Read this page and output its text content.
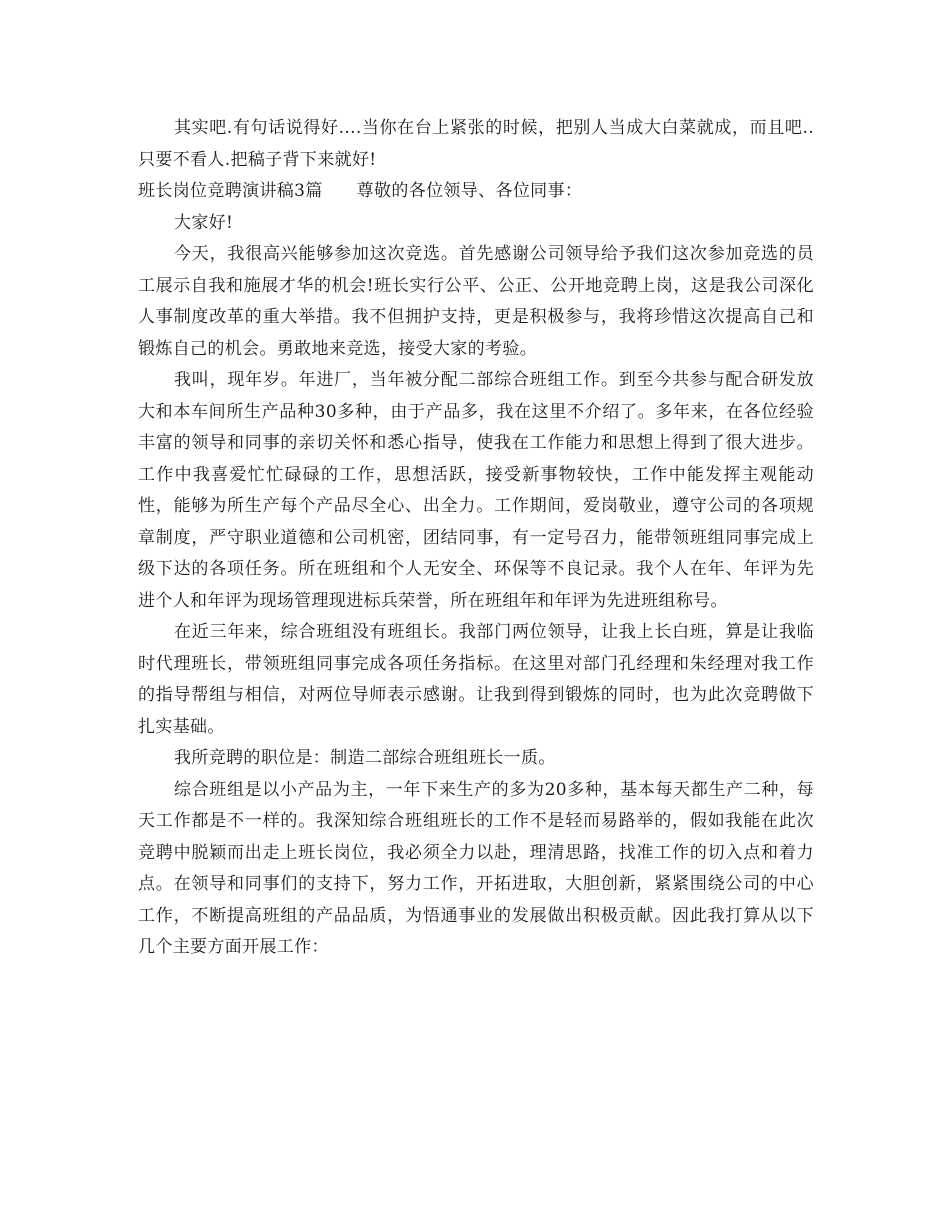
其实吧.有句话说得好....当你在台上紧张的时候，把别人当成大白菜就成，而且吧..只要不看人.把稿子背下来就好!

班长岗位竞聘演讲稿3篇 尊敬的各位领导、各位同事：

大家好!

今天，我很高兴能够参加这次竞选。首先感谢公司领导给予我们这次参加竞选的员工展示自我和施展才华的机会!班长实行公平、公正、公开地竞聘上岗，这是我公司深化人事制度改革的重大举措。我不但拥护支持，更是积极参与，我将珍惜这次提高自己和锻炼自己的机会。勇敢地来竞选，接受大家的考验。

我叫，现年岁。年进厂，当年被分配二部综合班组工作。到至今共参与配合研发放大和本车间所生产品种30多种，由于产品多，我在这里不介绍了。多年来，在各位经验丰富的领导和同事的亲切关怀和悉心指导，使我在工作能力和思想上得到了很大进步。工作中我喜爱忙忙碌碌的工作，思想活跃，接受新事物较快，工作中能发挥主观能动性，能够为所生产每个产品尽全心、出全力。工作期间，爱岗敬业，遵守公司的各项规章制度，严守职业道德和公司机密，团结同事，有一定号召力，能带领班组同事完成上级下达的各项任务。所在班组和个人无安全、环保等不良记录。我个人在年、年评为先进个人和年评为现场管理现进标兵荣誉，所在班组年和年评为先进班组称号。

在近三年来，综合班组没有班组长。我部门两位领导，让我上长白班，算是让我临时代理班长，带领班组同事完成各项任务指标。在这里对部门孔经理和朱经理对我工作的指导帮组与相信，对两位导师表示感谢。让我到得到锻炼的同时，也为此次竞聘做下扎实基础。

我所竞聘的职位是：制造二部综合班组班长一质。

综合班组是以小产品为主，一年下来生产的多为20多种，基本每天都生产二种，每天工作都是不一样的。我深知综合班组班长的工作不是轻而易路举的，假如我能在此次竞聘中脱颖而出走上班长岗位，我必须全力以赴，理清思路，找准工作的切入点和着力点。在领导和同事们的支持下，努力工作，开拓进取，大胆创新，紧紧围绕公司的中心工作，不断提高班组的产品品质，为悟通事业的发展做出积极贡献。因此我打算从以下几个主要方面开展工作：
